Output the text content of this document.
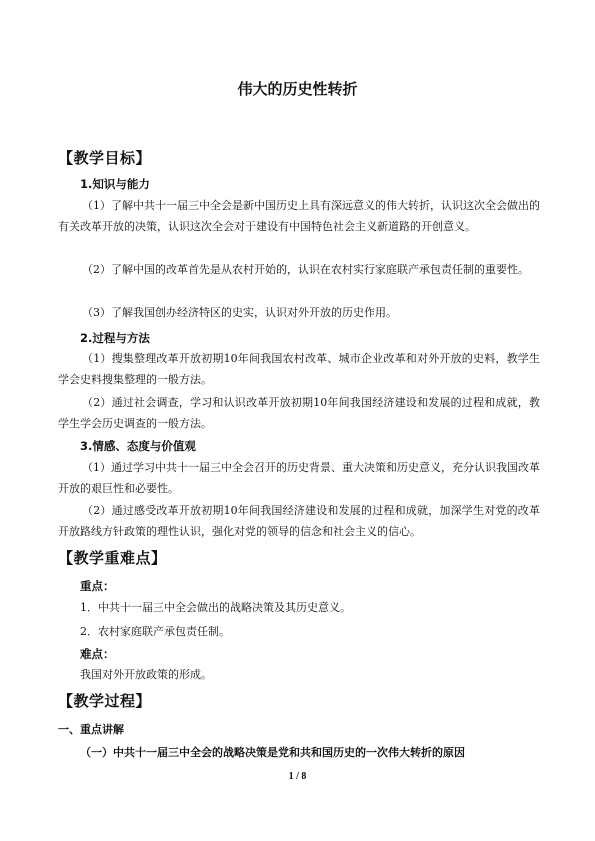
伟大的历史性转折
【教学目标】
1.知识与能力

（1）了解中共十一届三中全会是新中国历史上具有深远意义的伟大转折，认识这次全会做出的有关改革开放的决策，认识这次全会对于建设有中国特色社会主义新道路的开创意义。

（2）了解中国的改革首先是从农村开始的，认识在农村实行家庭联产承包责任制的重要性。

（3）了解我国创办经济特区的史实，认识对外开放的历史作用。

2.过程与方法

（1）搜集整理改革开放初期10年间我国农村改革、城市企业改革和对外开放的史料，教学生学会史料搜集整理的一般方法。

（2）通过社会调查，学习和认识改革开放初期10年间我国经济建设和发展的过程和成就，教学生学会历史调查的一般方法。

3.情感、态度与价值观

（1）通过学习中共十一届三中全会召开的历史背景、重大决策和历史意义，充分认识我国改革开放的艰巨性和必要性。

（2）通过感受改革开放初期10年间我国经济建设和发展的过程和成就，加深学生对党的改革开放路线方针政策的理性认识，强化对党的领导的信念和社会主义的信心。

【教学重难点】
重点：
1．中共十一届三中全会做出的战略决策及其历史意义。
2．农村家庭联产承包责任制。
难点：
我国对外开放政策的形成。
【教学过程】
一、重点讲解
（一）中共十一届三中全会的战略决策是党和共和国历史的一次伟大转折的原因
1 / 8
